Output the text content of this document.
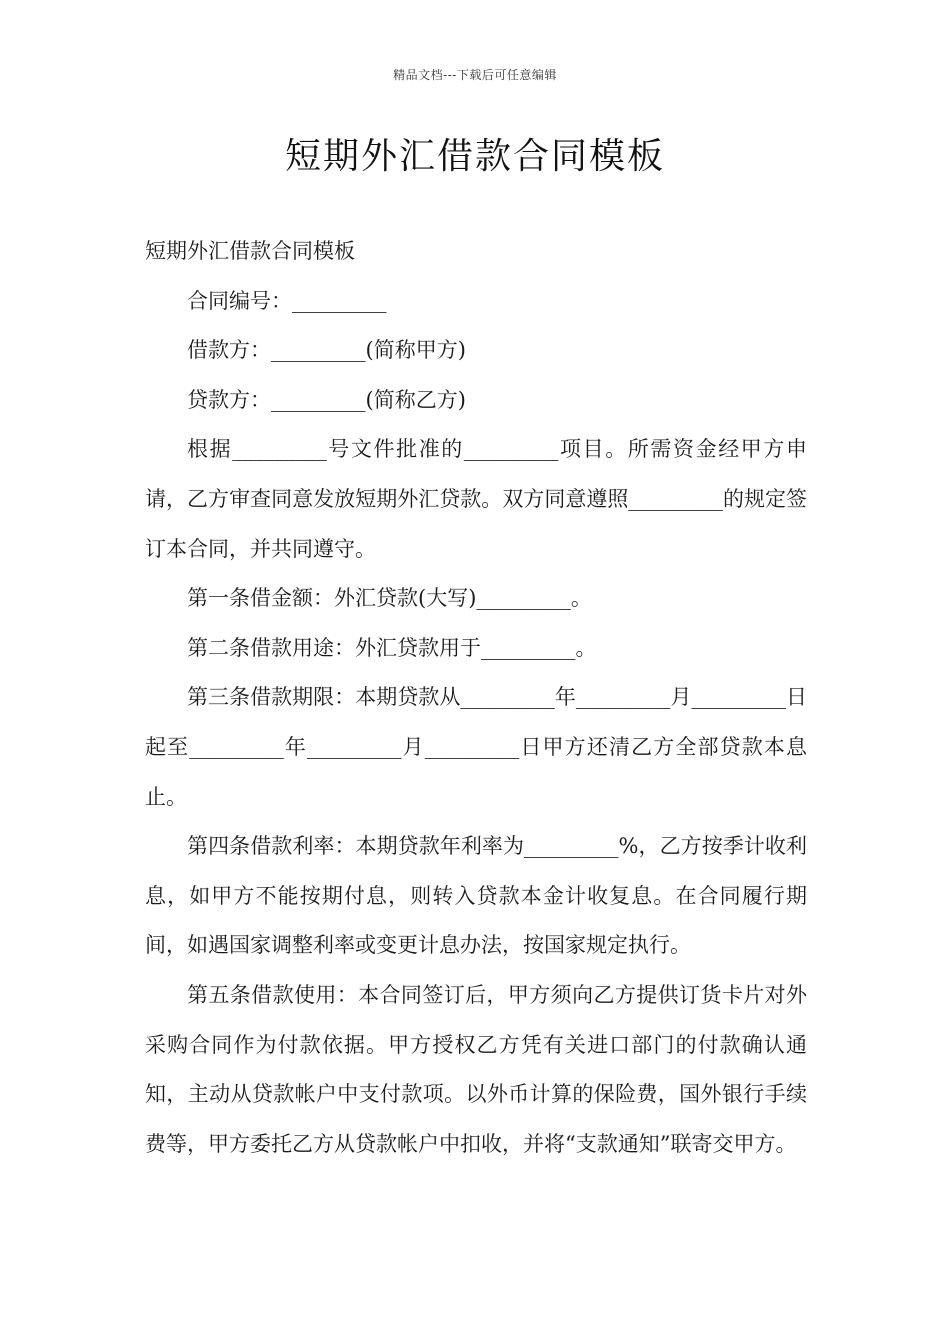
精品文档---下载后可任意编辑
短期外汇借款合同模板

短期外汇借款合同模板

合同编号：_________

借款方：_________(简称甲方)

贷款方：_________(简称乙方)

根据_________号文件批准的_________项目。所需资金经甲方申请，乙方审查同意发放短期外汇贷款。双方同意遵照_________的规定签订本合同，并共同遵守。

第一条借金额：外汇贷款(大写)_________。

第二条借款用途：外汇贷款用于_________。

第三条借款期限：本期贷款从_________年_________月_________日起至_________年_________月_________日甲方还清乙方全部贷款本息止。

第四条借款利率：本期贷款年利率为_________%，乙方按季计收利息，如甲方不能按期付息，则转入贷款本金计收复息。在合同履行期间，如遇国家调整利率或变更计息办法，按国家规定执行。

第五条借款使用：本合同签订后，甲方须向乙方提供订货卡片对外采购合同作为付款依据。甲方授权乙方凭有关进口部门的付款确认通知，主动从贷款帐户中支付款项。以外币计算的保险费，国外银行手续费等，甲方委托乙方从贷款帐户中扣收，并将“支款通知”联寄交甲方。
